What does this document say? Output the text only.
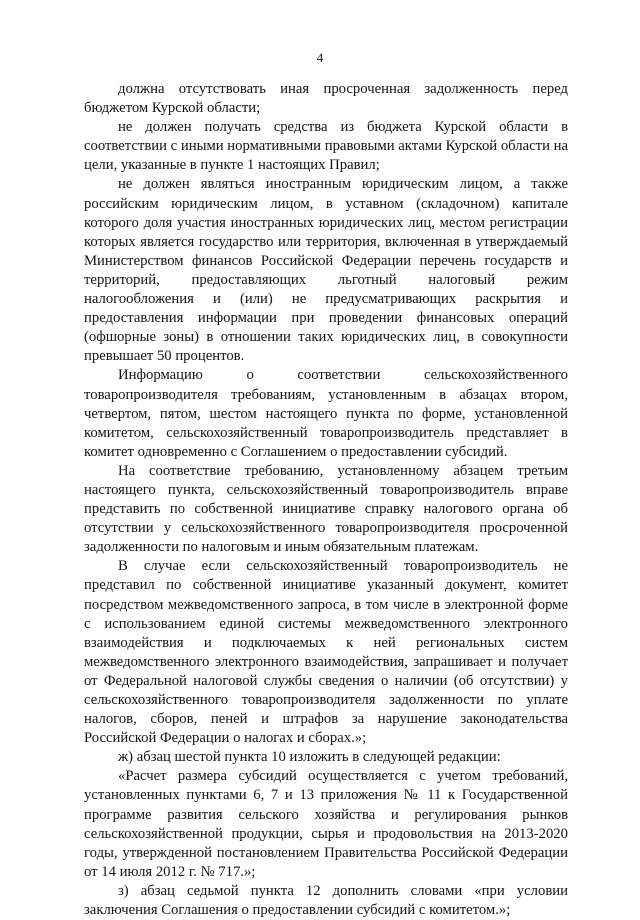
4

должна отсутствовать иная просроченная задолженность перед бюджетом Курской области;

не должен получать средства из бюджета Курской области в соответствии с иными нормативными правовыми актами Курской области на цели, указанные в пункте 1 настоящих Правил;

не должен являться иностранным юридическим лицом, а также российским юридическим лицом, в уставном (складочном) капитале которого доля участия иностранных юридических лиц, местом регистрации которых является государство или территория, включенная в утверждаемый Министерством финансов Российской Федерации перечень государств и территорий, предоставляющих льготный налоговый режим налогообложения и (или) не предусматривающих раскрытия и предоставления информации при проведении финансовых операций (офшорные зоны) в отношении таких юридических лиц, в совокупности превышает 50 процентов.

Информацию о соответствии сельскохозяйственного товаропроизводителя требованиям, установленным в абзацах втором, четвертом, пятом, шестом настоящего пункта по форме, установленной комитетом, сельскохозяйственный товаропроизводитель представляет в комитет одновременно с Соглашением о предоставлении субсидий.

На соответствие требованию, установленному абзацем третьим настоящего пункта, сельскохозяйственный товаропроизводитель вправе представить по собственной инициативе справку налогового органа об отсутствии у сельскохозяйственного товаропроизводителя просроченной задолженности по налоговым и иным обязательным платежам.

В случае если сельскохозяйственный товаропроизводитель не представил по собственной инициативе указанный документ, комитет посредством межведомственного запроса, в том числе в электронной форме с использованием единой системы межведомственного электронного взаимодействия и подключаемых к ней региональных систем межведомственного электронного взаимодействия, запрашивает и получает от Федеральной налоговой службы сведения о наличии (об отсутствии) у сельскохозяйственного товаропроизводителя задолженности по уплате налогов, сборов, пеней и штрафов за нарушение законодательства Российской Федерации о налогах и сборах.»;

ж) абзац шестой пункта 10 изложить в следующей редакции:

«Расчет размера субсидий осуществляется с учетом требований, установленных пунктами 6, 7 и 13 приложения № 11 к Государственной программе развития сельского хозяйства и регулирования рынков сельскохозяйственной продукции, сырья и продовольствия на 2013-2020 годы, утвержденной постановлением Правительства Российской Федерации от 14 июля 2012 г. № 717.»;

з) абзац седьмой пункта 12 дополнить словами «при условии заключения Соглашения о предоставлении субсидий с комитетом.»;
